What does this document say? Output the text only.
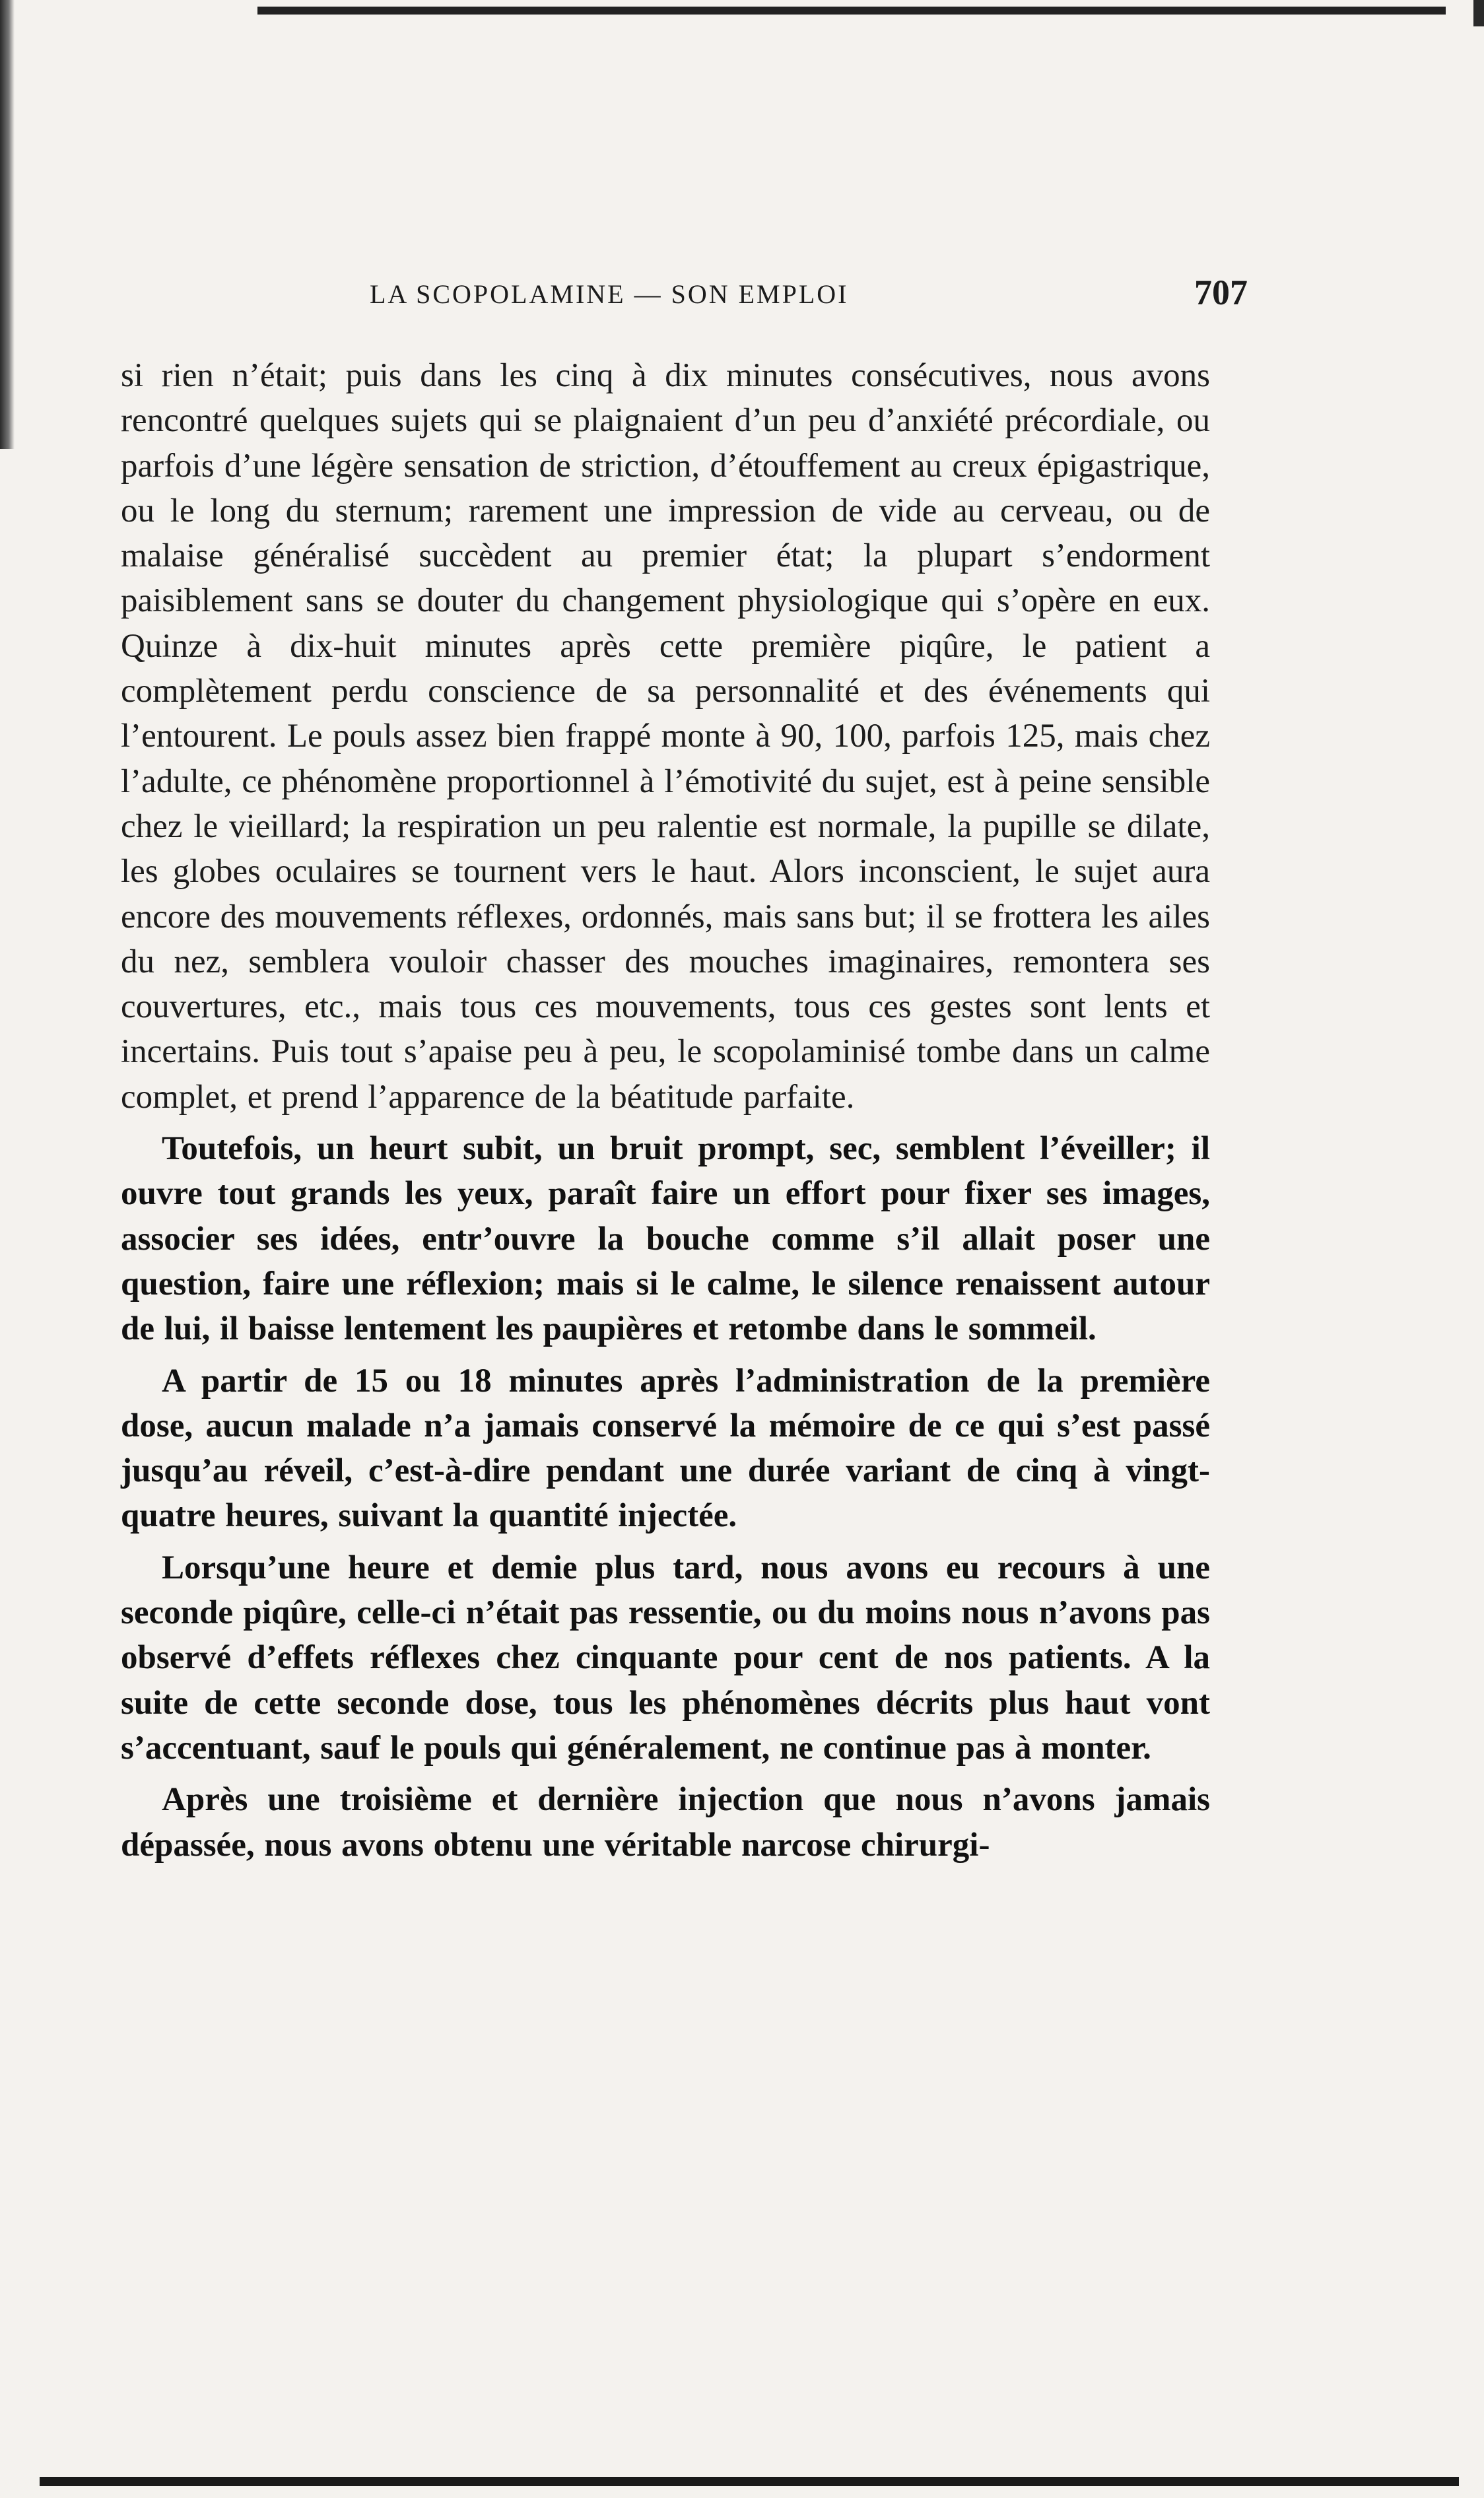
LA SCOPOLAMINE — SON EMPLOI	707

si rien n’était; puis dans les cinq à dix minutes consécutives, nous avons rencontré quelques sujets qui se plaignaient d’un peu d’anxiété précordiale, ou parfois d’une légère sensation de striction, d’étouffement au creux épigastrique, ou le long du sternum; rarement une impression de vide au cerveau, ou de malaise généralisé succèdent au premier état; la plupart s’endorment paisiblement sans se douter du changement physiologique qui s’opère en eux. Quinze à dix-huit minutes après cette première piqûre, le patient a complètement perdu conscience de sa personnalité et des événements qui l’entourent. Le pouls assez bien frappé monte à 90, 100, parfois 125, mais chez l’adulte, ce phénomène proportionnel à l’émotivité du sujet, est à peine sensible chez le vieillard; la respiration un peu ralentie est normale, la pupille se dilate, les globes oculaires se tournent vers le haut. Alors inconscient, le sujet aura encore des mouvements réflexes, ordonnés, mais sans but; il se frottera les ailes du nez, semblera vouloir chasser des mouches imaginaires, remontera ses couvertures, etc., mais tous ces mouvements, tous ces gestes sont lents et incertains. Puis tout s’apaise peu à peu, le scopolaminisé tombe dans un calme complet, et prend l’apparence de la béatitude parfaite.

Toutefois, un heurt subit, un bruit prompt, sec, semblent l’éveiller; il ouvre tout grands les yeux, paraît faire un effort pour fixer ses images, associer ses idées, entr’ouvre la bouche comme s’il allait poser une question, faire une réflexion; mais si le calme, le silence renaissent autour de lui, il baisse lentement les paupières et retombe dans le sommeil.

A partir de 15 ou 18 minutes après l’administration de la première dose, aucun malade n’a jamais conservé la mémoire de ce qui s’est passé jusqu’au réveil, c’est-à-dire pendant une durée variant de cinq à vingt-quatre heures, suivant la quantité injectée.

Lorsqu’une heure et demie plus tard, nous avons eu recours à une seconde piqûre, celle-ci n’était pas ressentie, ou du moins nous n’avons pas observé d’effets réflexes chez cinquante pour cent de nos patients. A la suite de cette seconde dose, tous les phénomènes décrits plus haut vont s’accentuant, sauf le pouls qui généralement, ne continue pas à monter.

Après une troisième et dernière injection que nous n’avons jamais dépassée, nous avons obtenu une véritable narcose chirurgi-
